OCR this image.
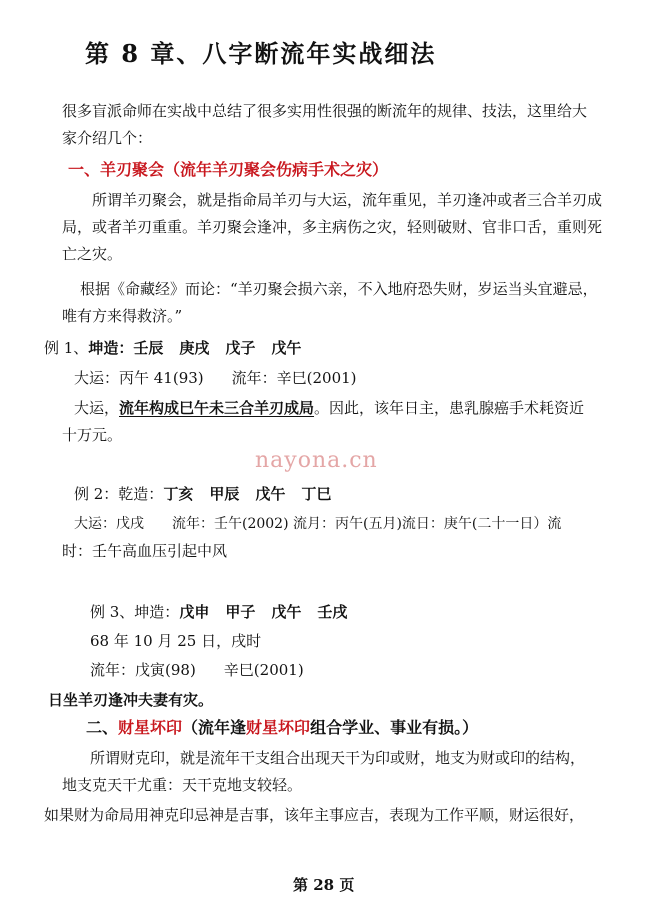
第 8 章、八字断流年实战细法
很多盲派命师在实战中总结了很多实用性很强的断流年的规律、技法，这里给大
家介绍几个：
一、羊刃聚会（流年羊刃聚会伤病手术之灾）
所谓羊刃聚会，就是指命局羊刃与大运，流年重见，羊刃逢冲或者三合羊刃成
局，或者羊刃重重。羊刃聚会逢冲，多主病伤之灾，轻则破财、官非口舌，重则死
亡之灾。
根据《命藏经》而论：“羊刃聚会损六亲，不入地府恐失财，岁运当头宜避忌，
唯有方来得救济。”
例 1、坤造：壬辰 庚戌 戊子 戊午
大运：丙午 41(93) 流年：辛巳(2001)
大运，流年构成巳午未三合羊刃成局。因此，该年日主，患乳腺癌手术耗资近
十万元。
nayona.cn
例 2：乾造：丁亥 甲辰 戊午 丁巳
大运：戊戌　　流年：壬午(2002) 流月：丙午(五月)流日：庚午(二十一日）流
时：壬午高血压引起中风
例 3、坤造：戊申 甲子 戊午 壬戌
68 年 10 月 25 日，戌时
流年：戊寅(98) 辛巳(2001)
日坐羊刃逢冲夫妻有灾。
二、财星坏印（流年逢财星坏印组合学业、事业有损。）
所谓财克印，就是流年干支组合出现天干为印或财，地支为财或印的结构，
地支克天干尤重：天干克地支较轻。
如果财为命局用神克印忌神是吉事，该年主事应吉，表现为工作平顺，财运很好，
第 28 页
